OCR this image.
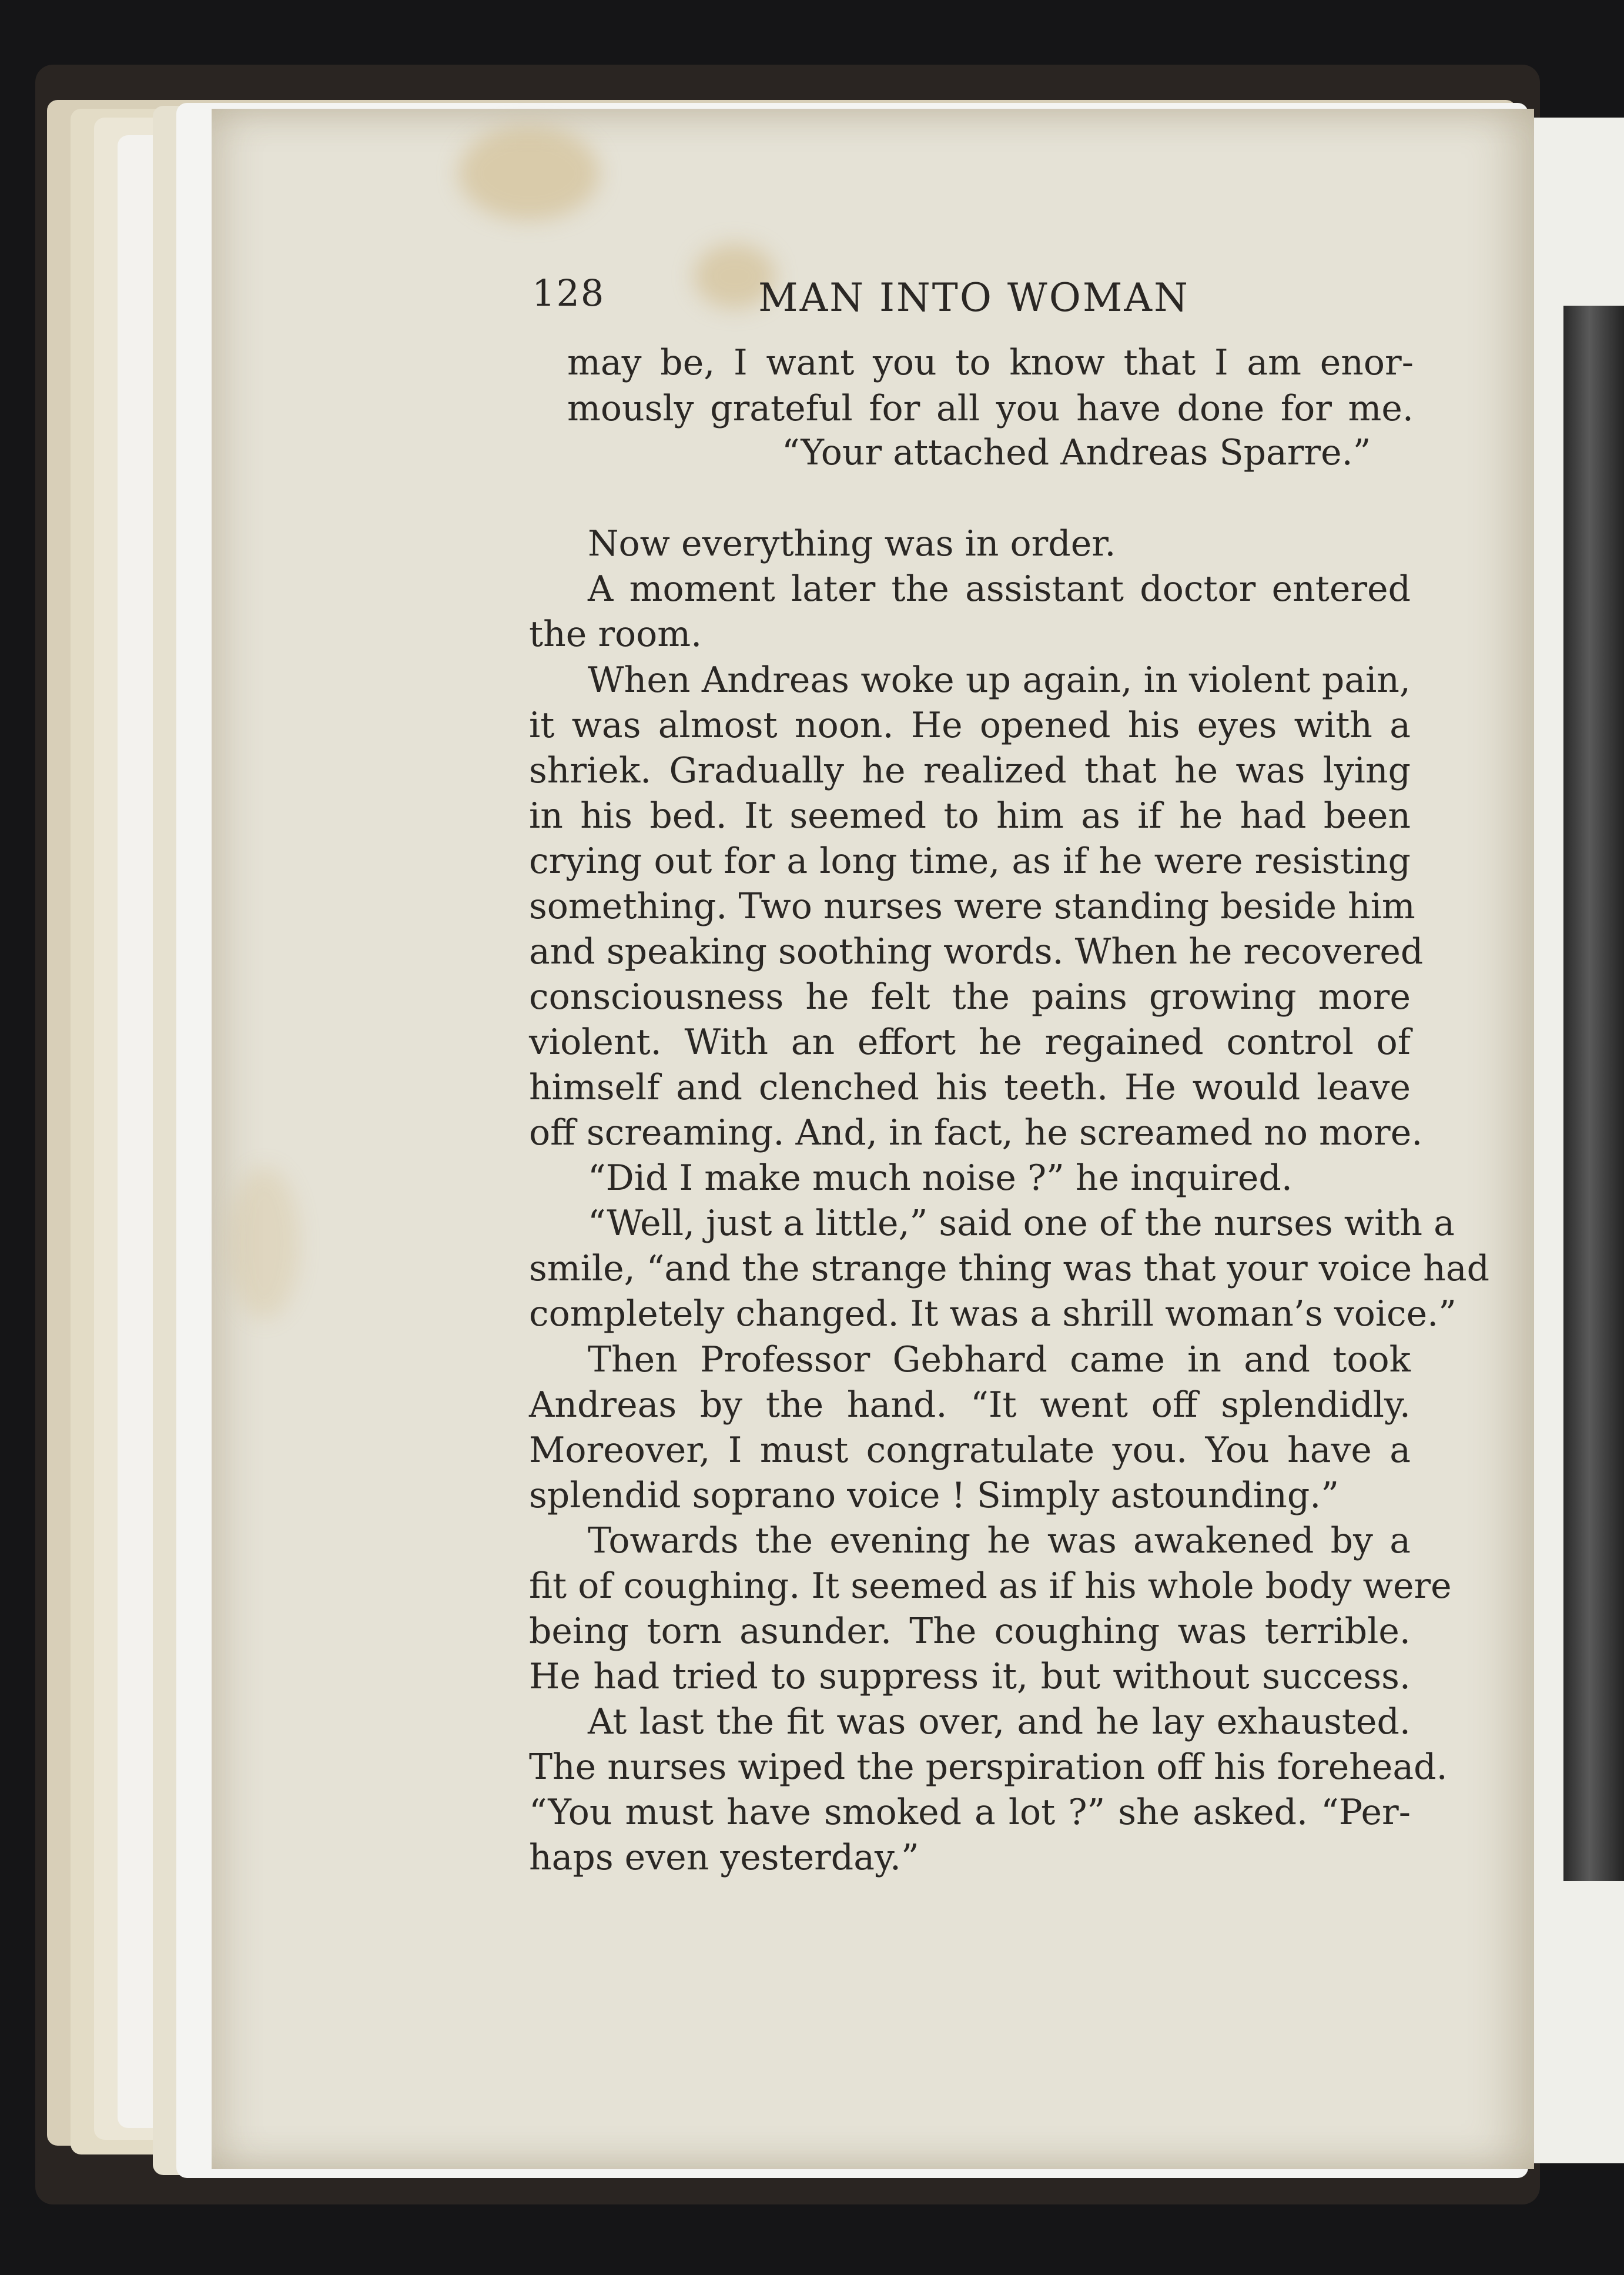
128	MAN INTO WOMAN
may be, I want you to know that I am enor-
mously grateful for all you have done for me.
“Your attached Andreas Sparre.”
Now everything was in order.
A moment later the assistant doctor entered
the room.
When Andreas woke up again, in violent pain,
it was almost noon. He opened his eyes with a
shriek. Gradually he realized that he was lying
in his bed. It seemed to him as if he had been
crying out for a long time, as if he were resisting
something. Two nurses were standing beside him
and speaking soothing words. When he recovered
consciousness he felt the pains growing more
violent. With an effort he regained control of
himself and clenched his teeth. He would leave
off screaming. And, in fact, he screamed no more.
“Did I make much noise ?” he inquired.
“Well, just a little,” said one of the nurses with a
smile, “and the strange thing was that your voice had
completely changed. It was a shrill woman’s voice.”
Then Professor Gebhard came in and took
Andreas by the hand. “It went off splendidly.
Moreover, I must congratulate you. You have a
splendid soprano voice ! Simply astounding.”
Towards the evening he was awakened by a
fit of coughing. It seemed as if his whole body were
being torn asunder. The coughing was terrible.
He had tried to suppress it, but without success.
At last the fit was over, and he lay exhausted.
The nurses wiped the perspiration off his forehead.
“You must have smoked a lot ?” she asked. “Per-
haps even yesterday.”
